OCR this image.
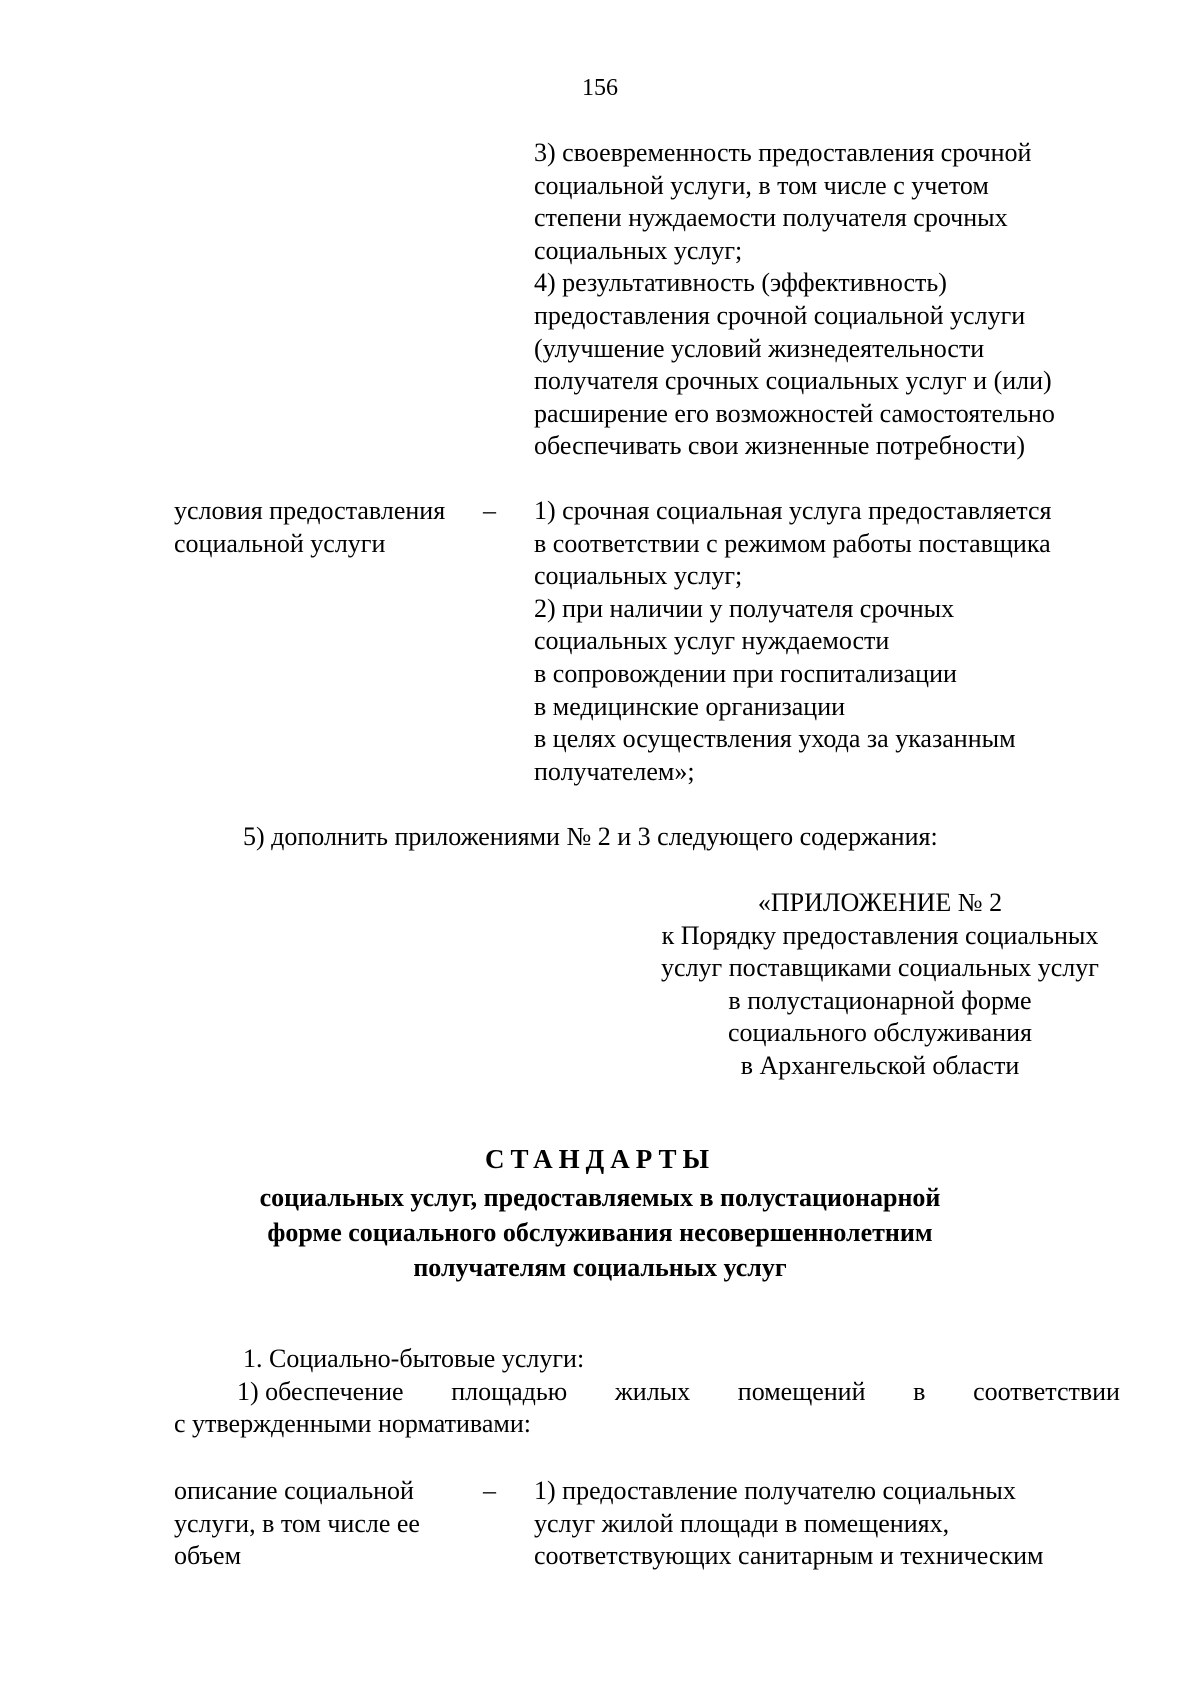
156
3) своевременность предоставления срочной
социальной услуги, в том числе с учетом
степени нуждаемости получателя срочных
социальных услуг;
4) результативность (эффективность)
предоставления срочной социальной услуги
(улучшение условий жизнедеятельности
получателя срочных социальных услуг и (или)
расширение его возможностей самостоятельно
обеспечивать свои жизненные потребности)
условия предоставления
социальной услуги
– 1) срочная социальная услуга предоставляется
в соответствии с режимом работы поставщика
социальных услуг;
2) при наличии у получателя срочных
социальных услуг нуждаемости
в сопровождении при госпитализации
в медицинские организации
в целях осуществления ухода за указанным
получателем»;
5) дополнить приложениями № 2 и 3 следующего содержания:
«ПРИЛОЖЕНИЕ № 2
к Порядку предоставления социальных
услуг поставщиками социальных услуг
в полустационарной форме
социального обслуживания
в Архангельской области
СТАНДАРТЫ
социальных услуг, предоставляемых в полустационарной
форме социального обслуживания несовершеннолетним
получателям социальных услуг
1. Социально-бытовые услуги:
1) обеспечение площадью жилых помещений в соответствии
с утвержденными нормативами:
описание социальной
услуги, в том числе ее
объем
– 1) предоставление получателю социальных
услуг жилой площади в помещениях,
соответствующих санитарным и техническим
